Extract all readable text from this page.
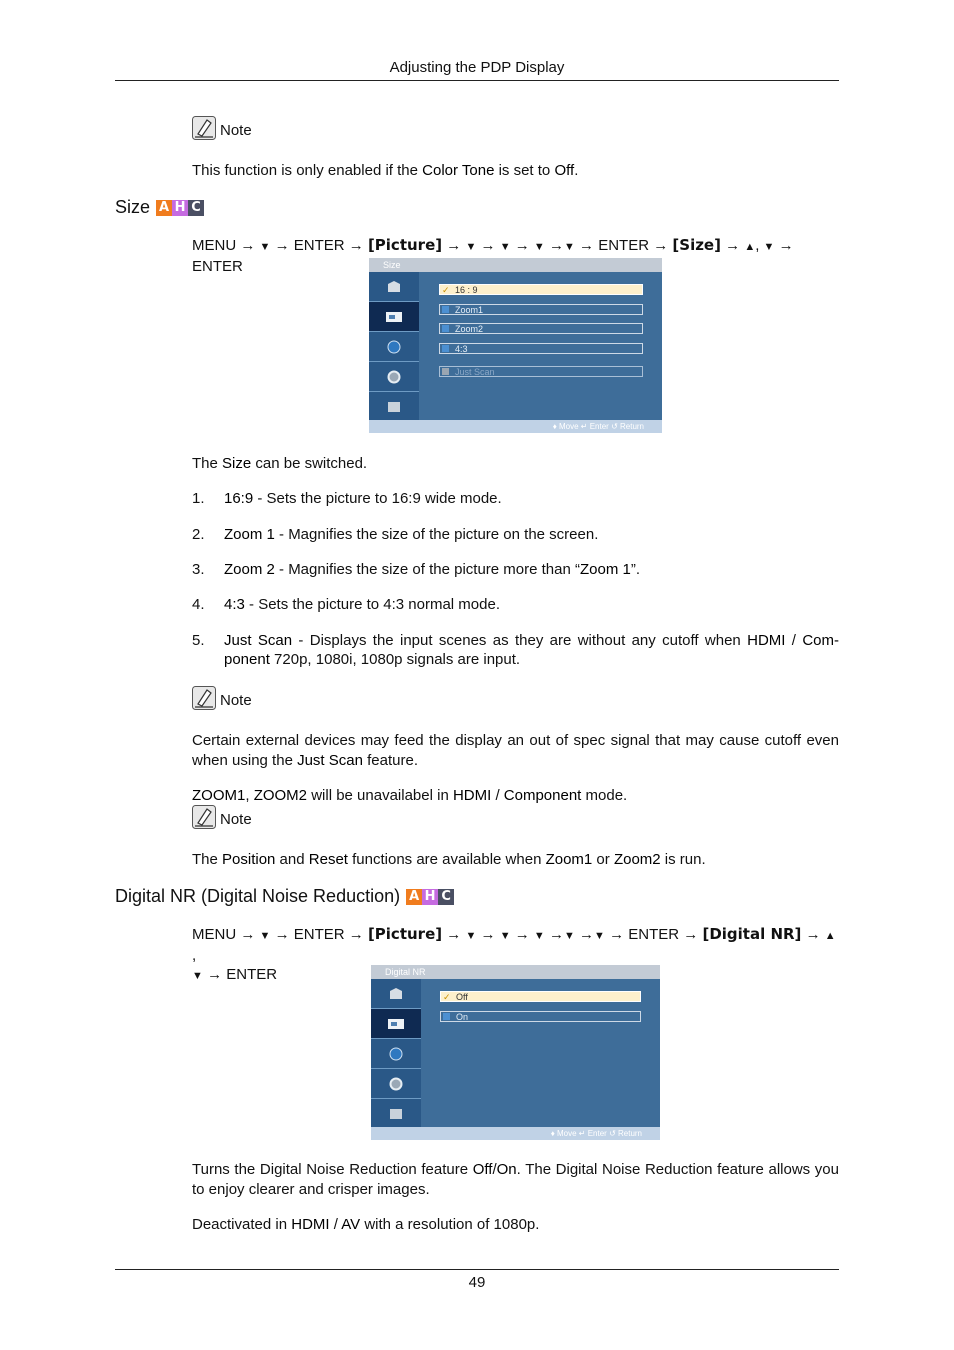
Adjusting the PDP Display
Note
This function is only enabled if the Color Tone is set to Off.
Size A H C
MENU → ▼ → ENTER → [Picture] → ▼ → ▼ → ▼ →▼ → ENTER → [Size] → ▲, ▼ → ENTER	Size
✓ 16 : 9
Zoom1
Zoom2
4:3
Just Scan
♦ Move ↵ Enter ↺ Return
The Size can be switched.
1. 16:9 - Sets the picture to 16:9 wide mode.
2. Zoom 1 - Magnifies the size of the picture on the screen.
3. Zoom 2 - Magnifies the size of the picture more than “Zoom 1”.
4. 4:3 - Sets the picture to 4:3 normal mode.
5. Just Scan - Displays the input scenes as they are without any cutoff when HDMI / Com-ponent 720p, 1080i, 1080p signals are input.
Note
Certain external devices may feed the display an out of spec signal that may cause cutoff even when using the Just Scan feature.
ZOOM1, ZOOM2 will be unavailabel in HDMI / Component mode.
Note
The Position and Reset functions are available when Zoom1 or Zoom2 is run.
Digital NR (Digital Noise Reduction) A H C
MENU → ▼ → ENTER → [Picture] → ▼ → ▼ → ▼ →▼ →▼ → ENTER → [Digital NR] → ▲ ,
▼ → ENTER	Digital NR
✓ Off
On
♦ Move ↵ Enter ↺ Return
Turns the Digital Noise Reduction feature Off/On. The Digital Noise Reduction feature allows you to enjoy clearer and crisper images.
Deactivated in HDMI / AV with a resolution of 1080p.
49
